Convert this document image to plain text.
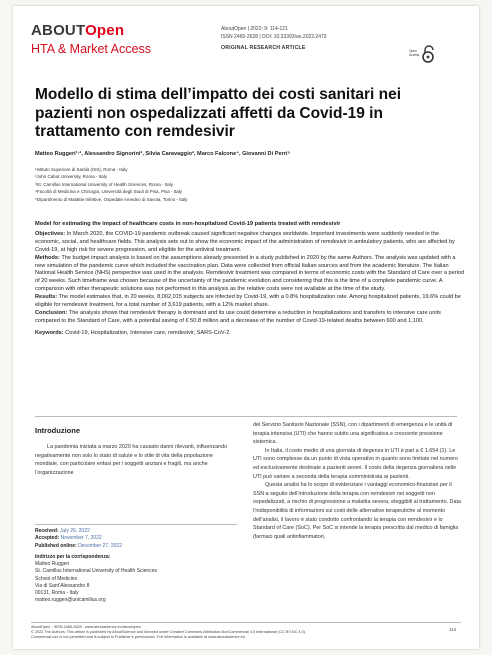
ABOUTOpen
HTA & Market Access
AboutOpen | 2022; 9: 114-121
ISSN 2465-2628 | DOI: 10.33393/ao.2022.2473
ORIGINAL RESEARCH ARTICLE	Open
Access
Modello di stima dell’impatto dei costi sanitari nei pazienti non ospedalizzati affetti da Covid-19 in trattamento con remdesivir
Matteo Ruggeri¹·², Alessandro Signorini², Silvia Caravaggio², Marco Falcone⁴, Giovanni Di Perri⁵
¹Istituto Superiore di Sanità (ISS), Roma - Italy
²John Cabot University, Roma - Italy
³St. Camillus International University of Health Sciences, Roma - Italy
⁴Facoltà di Medicina e Chirurgia, Università degli Studi di Pisa, Pisa - Italy
⁵Dipartimento di Malattie Infettive, Ospedale Amedeo di Savoia, Torino - Italy
Model for estimating the impact of healthcare costs in non-hospitalized Covid-19 patients treated with remdesivir

Objectives: In March 2020, the COVID-19 pandemic outbreak caused significant negative changes worldwide. Important investments were suddenly needed in the economic, social, and healthcare fields. This analysis sets out to show the economic impact of the administration of remdesivir in ambulatory patients, who are affected by Covid-19, at high risk for severe progression, and eligible for the antiviral treatment.

Methods: The budget impact analysis is based on the assumptions already presented in a study published in 2020 by the same Authors. The analysis was updated with a new simulation of the pandemic curve which included the vaccination plan. Data were collected from official Italian sources and from the academic literature. The Italian National Health Service (NHS) perspective was used in the analysis. Remdesivir treatment was compared in terms of economic costs with the Standard of Care over a period of 20 weeks. Such timeframe was chosen because of the uncertainty of the pandemic evolution and considering that this is the time of a complete pandemic curve. A comparison with other therapeutic solutions was not performed in this analysis as the relative costs were not available at the time of the study.

Results: The model estimates that, in 20 weeks, 8,002,015 subjects are infected by Covid-19, with a 0.8% hospitalization rate. Among hospitalized patients, 19.6% could be eligible for remdesivir treatment, for a total number of 3,619 patients, with a 12% market share.

Conclusion: The analysis shows that remdesivir therapy is dominant and its use could determine a reduction in hospitalizations and transfers to intensive care units compared to the Standard of Care, with a potential saving of € 50.8 million and a decrease of the number of Covid-19-related deaths between 600 and 1,100.

Keywords: Covid-19, Hospitalization, Intensive care, remdesivir, SARS-CoV-2

Introduzione

La pandemia iniziata a marzo 2020 ha causato danni rilevanti, influenzando negativamente non solo lo stato di salute e lo stile di vita della popolazione mondiale, con particolare enfasi per i soggetti anziani e fragili, ma anche l’organizzazione

del Servizio Sanitario Nazionale (SSN), con i dipartimenti di emergenza e le unità di terapia intensiva (UTI) che hanno subito una significativa e crescente pressione sistemica.

In Italia, il costo medio di una giornata di degenza in UTI è pari a € 1.654 (1). Le UTI sono complesse da un punto di vista operativo in quanto sono limitate nel numero ed esclusivamente destinate a pazienti severi. Il costo della degenza giornaliera nelle UTI può variare a seconda della terapia somministrata ai pazienti.

Questa analisi ha lo scopo di evidenziare i vantaggi economico-finanziari per il SSN a seguito dell’introduzione della terapia con remdesivir nei soggetti non ospedalizzati, a rischio di progressione a malattia severa, eleggibili al trattamento. Data l’indisponibilità di informazioni sui costi delle alternative terapeutiche al momento dell’analisi, il lavoro è stato condotto confrontando la terapia con remdesivir e lo Standard of Care (SoC). Per SoC si intende la terapia prescritta dal medico di famiglia (farmaci quali antinfiammatori,

Received: July 26, 2022
Accepted: November 7, 2022
Published online: December 27, 2022
Indirizzo per la corrispondenza:
Matteo Ruggeri
St. Camillus International University of Health Sciences
School of Medicine
Via di Sant’Alessandro 8
00131, Roma - Italy
matteo.ruggeri@unicamillus.org
AboutOpen - ISSN 2465-2628 - www.aboutscience.eu/aboutopen
© 2022 The Authors. This article is published by AboutScience and licensed under Creative Commons Attribution-NonCommercial 4.0 International (CC BY-NC 4.0).
Commercial use is not permitted and is subject to Publisher’s permissions. Full information is available at www.aboutscience.eu
114
